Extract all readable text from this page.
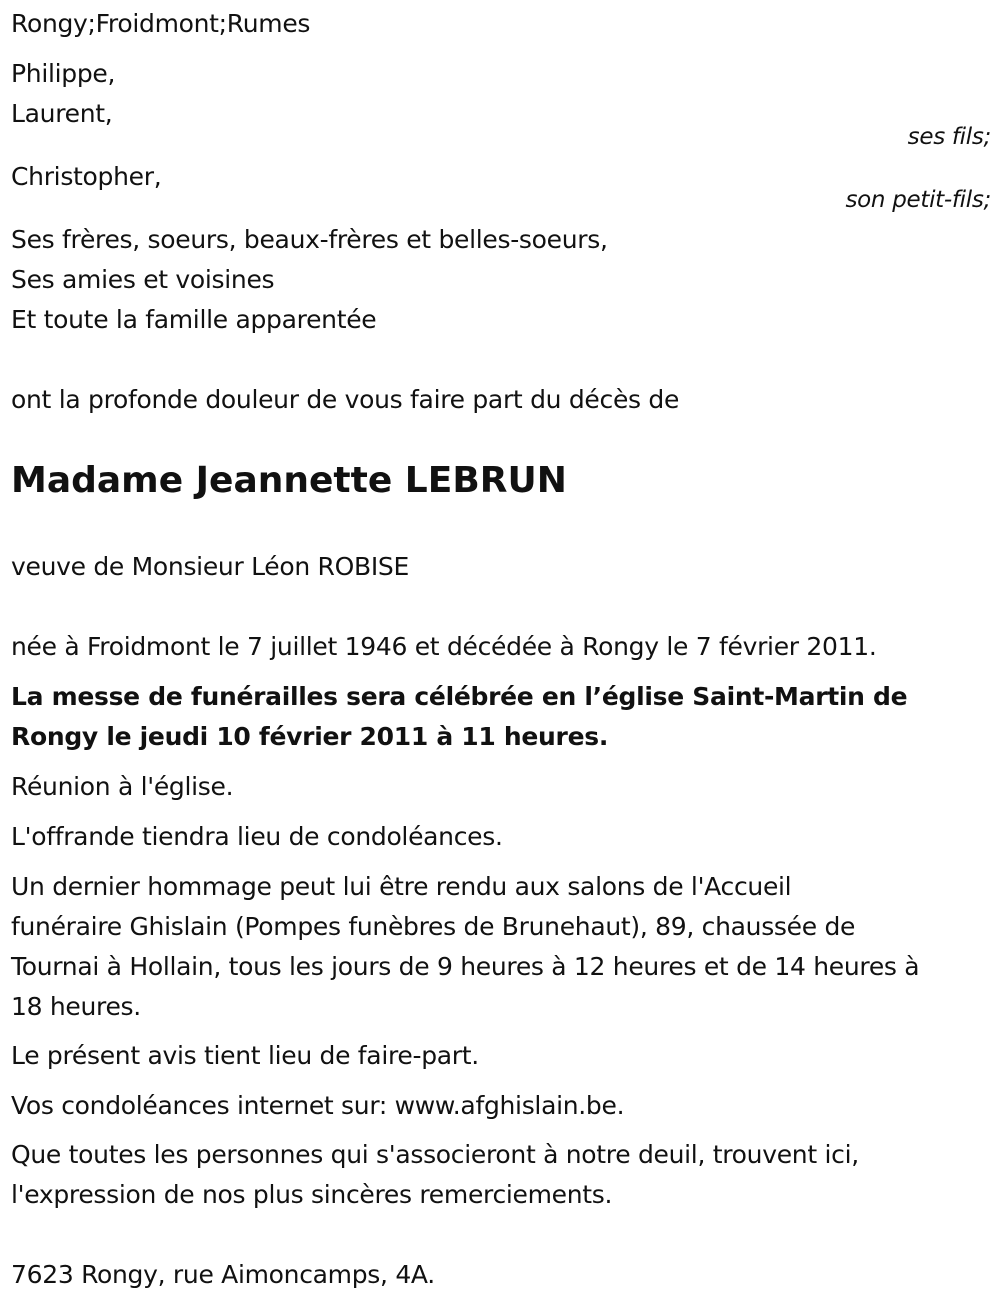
Rongy;Froidmont;Rumes
Philippe,
Laurent,
ses fils;
Christopher,
son petit-fils;
Ses frères, soeurs, beaux-frères et belles-soeurs,
Ses amies et voisines
Et toute la famille apparentée
ont la profonde douleur de vous faire part du décès de
Madame Jeannette LEBRUN
veuve de Monsieur Léon ROBISE
née à Froidmont le 7 juillet 1946 et décédée à Rongy le 7 février 2011.
La messe de funérailles sera célébrée en l’église Saint-Martin de
Rongy le jeudi 10 février 2011 à 11 heures.
Réunion à l'église.
L'offrande tiendra lieu de condoléances.
Un dernier hommage peut lui être rendu aux salons de l'Accueil
funéraire Ghislain (Pompes funèbres de Brunehaut), 89, chaussée de
Tournai à Hollain, tous les jours de 9 heures à 12 heures et de 14 heures à
18 heures.
Le présent avis tient lieu de faire-part.
Vos condoléances internet sur: www.afghislain.be.
Que toutes les personnes qui s'associeront à notre deuil, trouvent ici,
l'expression de nos plus sincères remerciements.
7623 Rongy, rue Aimoncamps, 4A.
